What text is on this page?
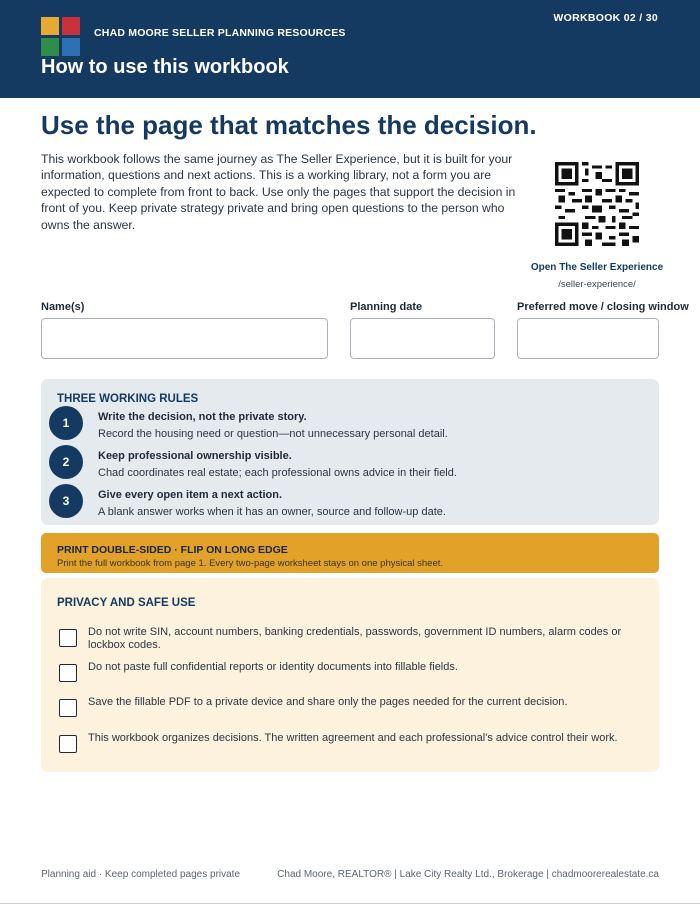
CHAD MOORE SELLER PLANNING RESOURCES
How to use this workbook
WORKBOOK 02 / 30
Use the page that matches the decision.
This workbook follows the same journey as The Seller Experience, but it is built for your information, questions and next actions. This is a working library, not a form you are expected to complete from front to back. Use only the pages that support the decision in front of you. Keep private strategy private and bring open questions to the person who owns the answer.
Open The Seller Experience
/seller-experience/
Name(s)	Planning date	Preferred move / closing window
THREE WORKING RULES
1	Write the decision, not the private story.
Record the housing need or question—not unnecessary personal detail.
2	Keep professional ownership visible.
Chad coordinates real estate; each professional owns advice in their field.
3	Give every open item a next action.
A blank answer works when it has an owner, source and follow-up date.
PRINT DOUBLE-SIDED · FLIP ON LONG EDGE
Print the full workbook from page 1. Every two-page worksheet stays on one physical sheet.
PRIVACY AND SAFE USE
Do not write SIN, account numbers, banking credentials, passwords, government ID numbers, alarm codes or lockbox codes.
Do not paste full confidential reports or identity documents into fillable fields.
Save the fillable PDF to a private device and share only the pages needed for the current decision.
This workbook organizes decisions. The written agreement and each professional's advice control their work.
Planning aid · Keep completed pages private	Chad Moore, REALTOR® | Lake City Realty Ltd., Brokerage | chadmoorerealestate.ca
